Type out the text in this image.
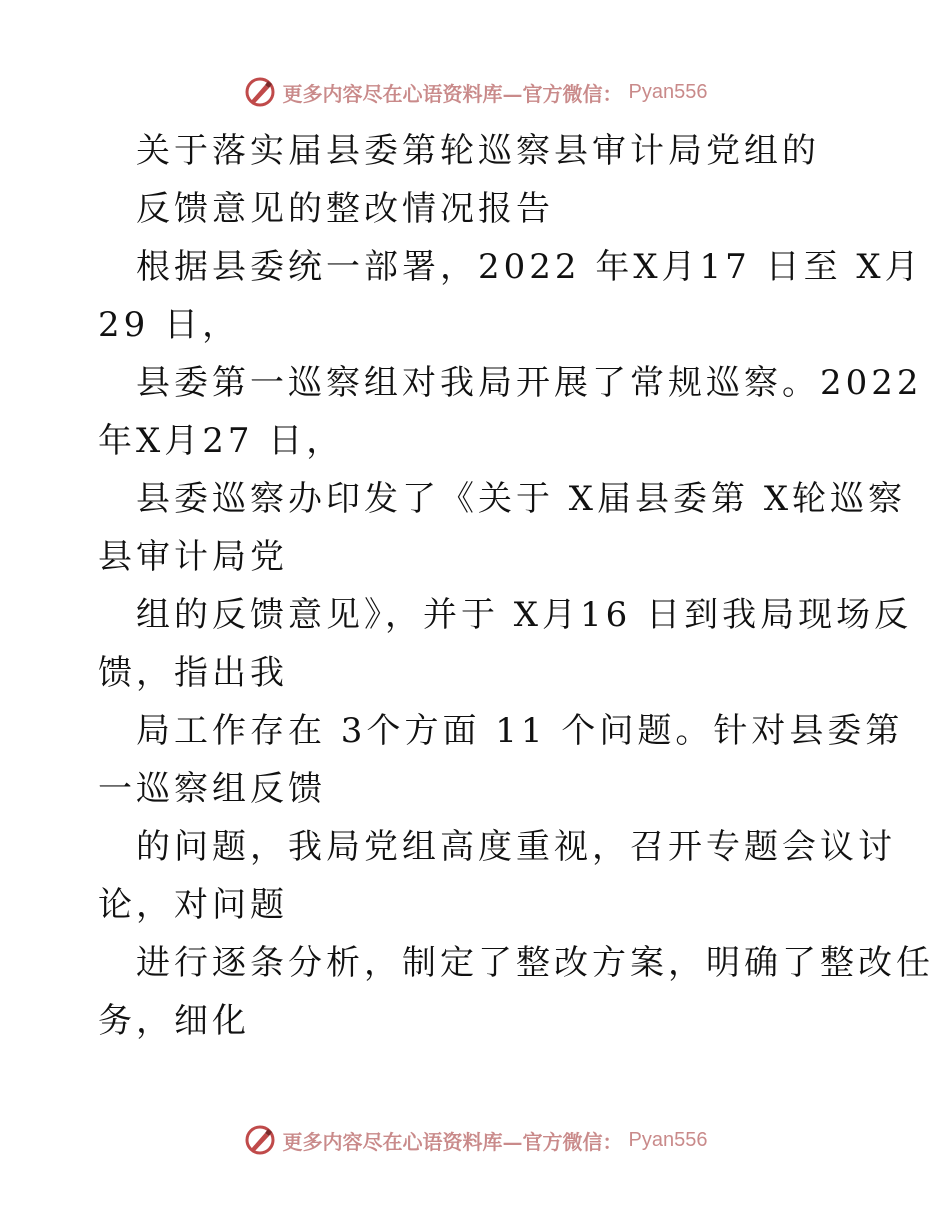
更多内容尽在心语资料库—官方微信： Pyan556
关于落实届县委第轮巡察县审计局党组的
反馈意见的整改情况报告
根据县委统一部署，2022 年X月17 日至 X月
29 日，
县委第一巡察组对我局开展了常规巡察。2022
年X月27 日，
县委巡察办印发了《关于 X届县委第 X轮巡察
县审计局党
组的反馈意见》，并于 X月16 日到我局现场反
馈，指出我
局工作存在 3个方面 11 个问题。针对县委第
一巡察组反馈
的问题，我局党组高度重视，召开专题会议讨
论，对问题
进行逐条分析，制定了整改方案，明确了整改任
务，细化
更多内容尽在心语资料库—官方微信： Pyan556
